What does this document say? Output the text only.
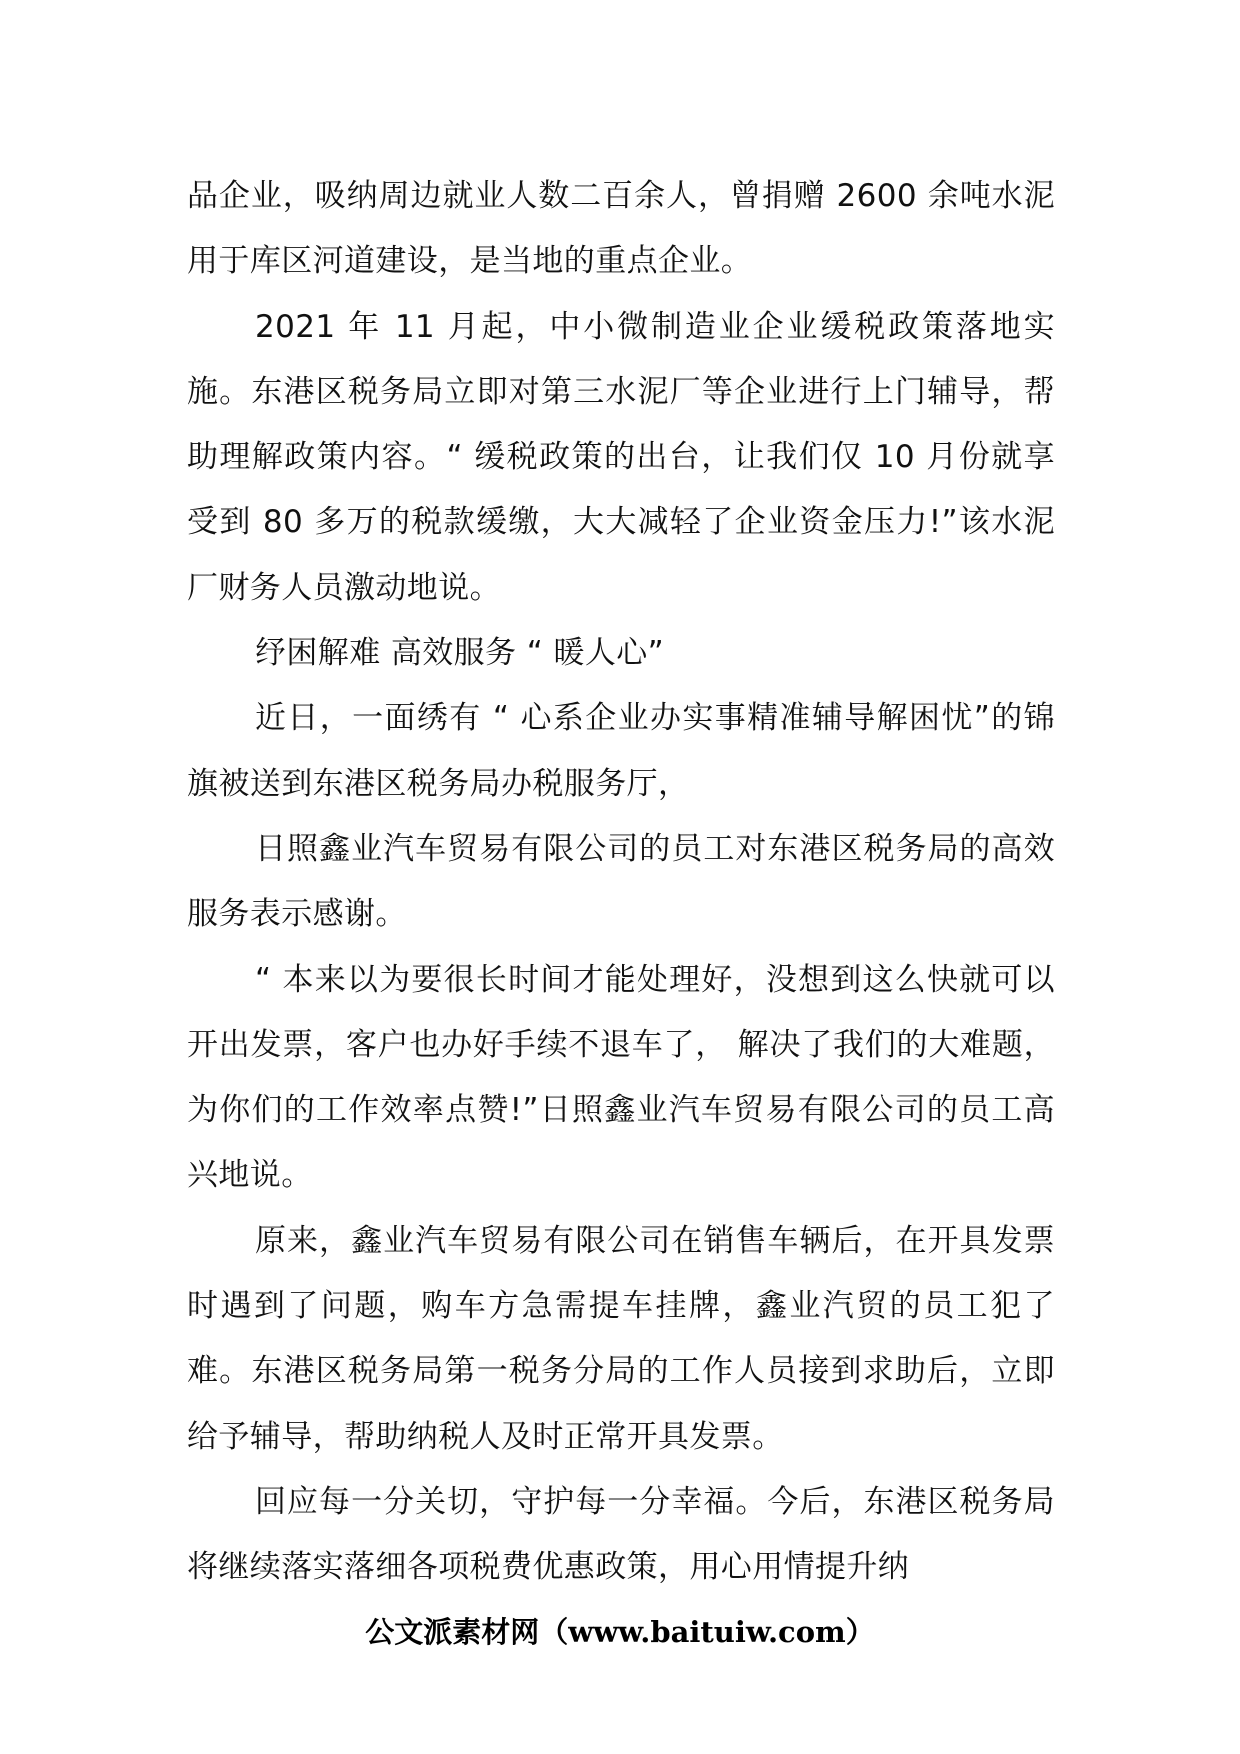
品企业，吸纳周边就业人数二百余人，曾捐赠 2600 余吨水泥用于库区河道建设，是当地的重点企业。

2021 年 11 月起，中小微制造业企业缓税政策落地实施。东港区税务局立即对第三水泥厂等企业进行上门辅导，帮助理解政策内容。“ 缓税政策的出台，让我们仅 10 月份就享受到 80 多万的税款缓缴，大大减轻了企业资金压力!”该水泥厂财务人员激动地说。

纾困解难 高效服务 “ 暖人心”

近日，一面绣有 “ 心系企业办实事精准辅导解困忧”的锦旗被送到东港区税务局办税服务厅，

日照鑫业汽车贸易有限公司的员工对东港区税务局的高效服务表示感谢。

“ 本来以为要很长时间才能处理好，没想到这么快就可以开出发票，客户也办好手续不退车了， 解决了我们的大难题， 为你们的工作效率点赞!”日照鑫业汽车贸易有限公司的员工高兴地说。

原来，鑫业汽车贸易有限公司在销售车辆后，在开具发票时遇到了问题，购车方急需提车挂牌，鑫业汽贸的员工犯了难。东港区税务局第一税务分局的工作人员接到求助后，立即给予辅导，帮助纳税人及时正常开具发票。

回应每一分关切，守护每一分幸福。今后，东港区税务局将继续落实落细各项税费优惠政策，用心用情提升纳

公文派素材网（www.baituiw.com）
